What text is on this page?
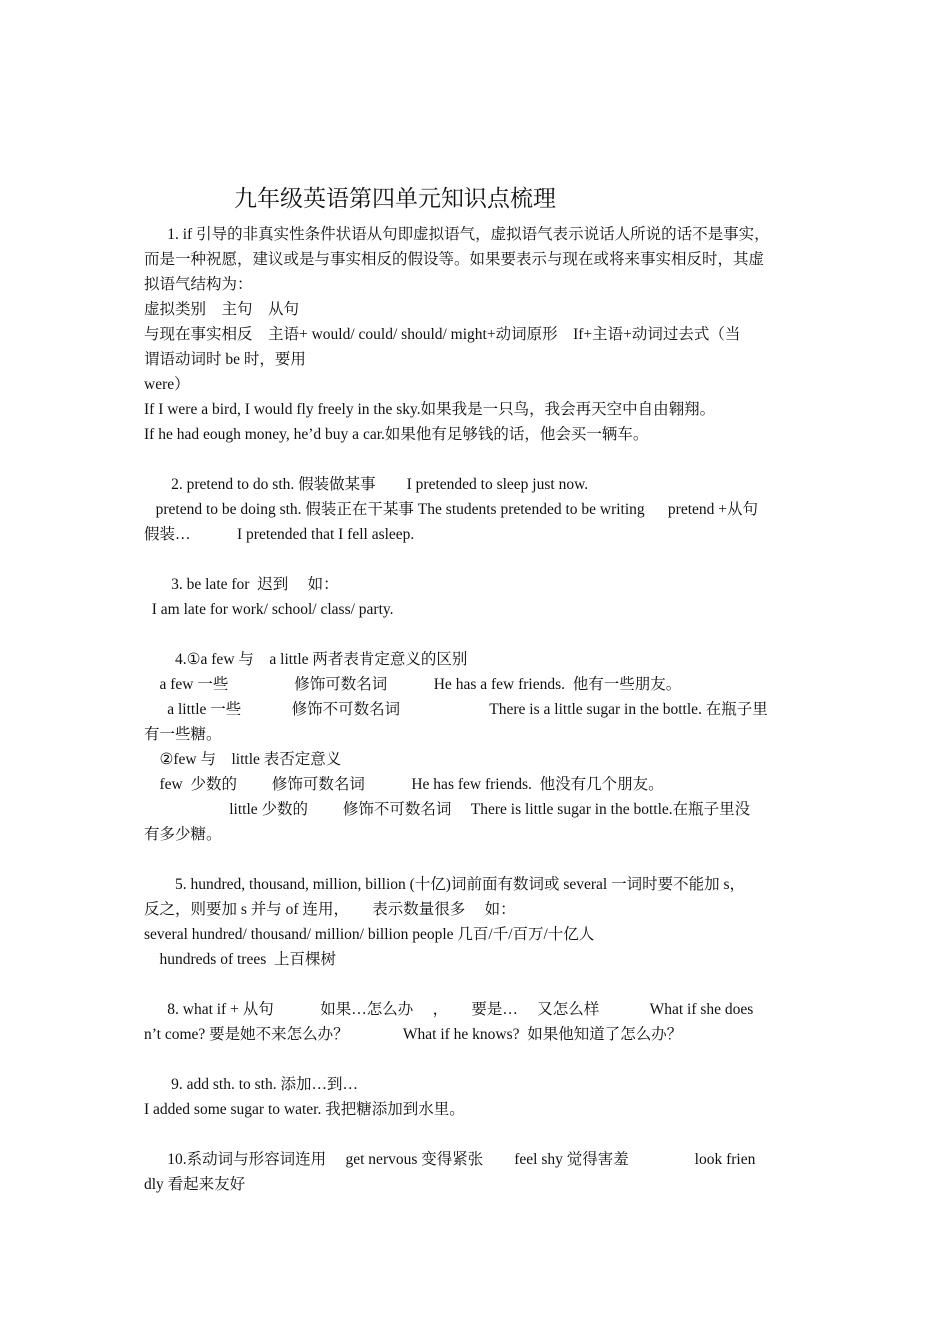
九年级英语第四单元知识点梳理
1. if 引导的非真实性条件状语从句即虚拟语气，虚拟语气表示说话人所说的话不是事实，
而是一种祝愿，建议或是与事实相反的假设等。如果要表示与现在或将来事实相反时，其虚
拟语气结构为：
虚拟类别    主句    从句
与现在事实相反    主语+ would/ could/ should/ might+动词原形    If+主语+动词过去式（当
谓语动词时 be 时，要用
were）
If I were a bird, I would fly freely in the sky.如果我是一只鸟，我会再天空中自由翱翔。
If he had eough money, he’d buy a car.如果他有足够钱的话，他会买一辆车。
2. pretend to do sth. 假装做某事        I pretended to sleep just now.
pretend to be doing sth. 假装正在干某事 The students pretended to be writing      pretend +从句
假装…            I pretended that I fell asleep.
3. be late for  迟到     如：
I am late for work/ school/ class/ party.
4.①a few 与    a little 两者表肯定意义的区别
a few 一些                 修饰可数名词            He has a few friends.  他有一些朋友。
a little 一些             修饰不可数名词                       There is a little sugar in the bottle. 在瓶子里
有一些糖。
②few 与    little 表否定意义
few  少数的         修饰可数名词            He has few friends.  他没有几个朋友。
little 少数的         修饰不可数名词     There is little sugar in the bottle.在瓶子里没
有多少糖。
5. hundred, thousand, million, billion (十亿)词前面有数词或 several 一词时要不能加 s，
反之，则要加 s 并与 of 连用，      表示数量很多     如：
several hundred/ thousand/ million/ billion people 几百/千/百万/十亿人
hundreds of trees  上百棵树
8. what if + 从句            如果…怎么办     ，      要是…     又怎么样             What if she does
n’t come? 要是她不来怎么办？              What if he knows?  如果他知道了怎么办？
9. add sth. to sth. 添加…到…
I added some sugar to water. 我把糖添加到水里。
10.系动词与形容词连用     get nervous 变得紧张        feel shy 觉得害羞                 look frien
dly 看起来友好
